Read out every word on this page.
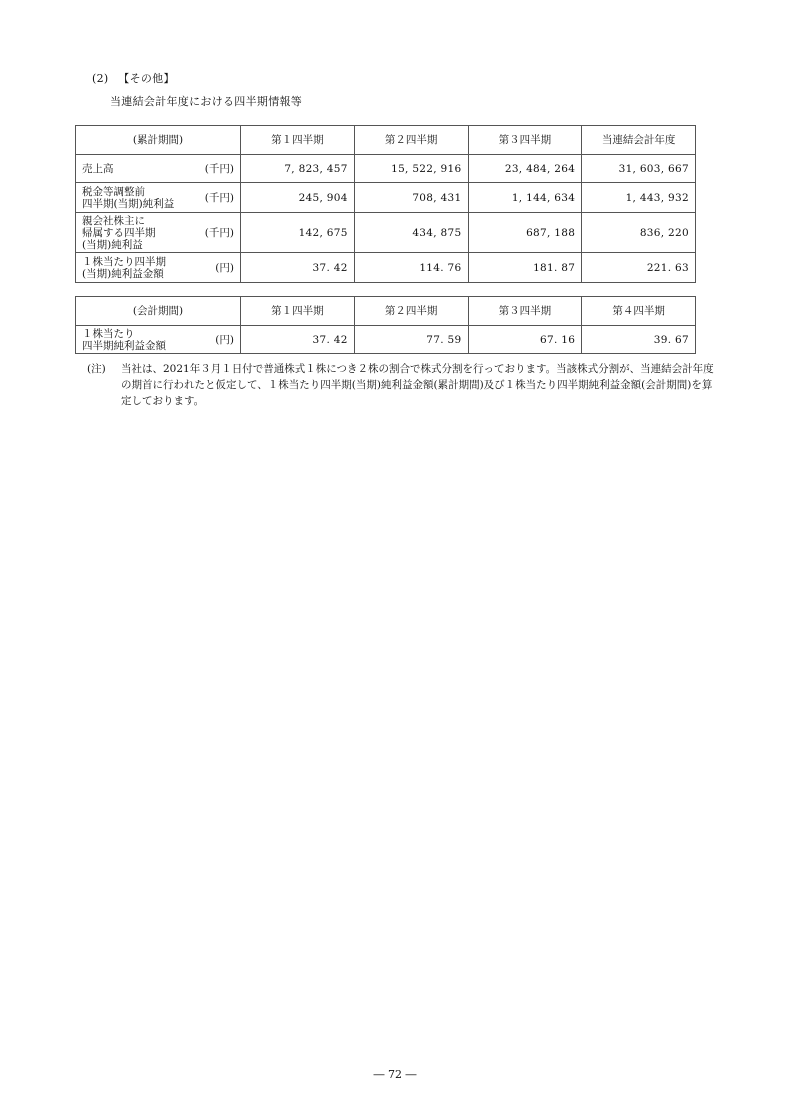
(2) 【その他】
当連結会計年度における四半期情報等
(累計期間)	第１四半期	第２四半期	第３四半期	当連結会計年度

売上高 (千円)	7, 823, 457	15, 522, 916	23, 484, 264	31, 603, 667

税金等調整前
四半期(当期)純利益 (千円)	245, 904	708, 431	1, 144, 634	1, 443, 932

親会社株主に
帰属する四半期
(当期)純利益
(千円)	142, 675	434, 875	687, 188	836, 220

１株当たり四半期
(当期)純利益金額 (円)	37. 42	114. 76	181. 87	221. 63
(会計期間)	第１四半期	第２四半期	第３四半期	第４四半期

１株当たり
四半期純利益金額 (円)	37. 42	77. 59	67. 16	39. 67
(注) 当社は、2021年３月１日付で普通株式１株につき２株の割合で株式分割を行っております。当該株式分割が、当連結会計年度の期首に行われたと仮定して、１株当たり四半期(当期)純利益金額(累計期間)及び１株当たり四半期純利益金額(会計期間)を算定しております。
― 72 ―
